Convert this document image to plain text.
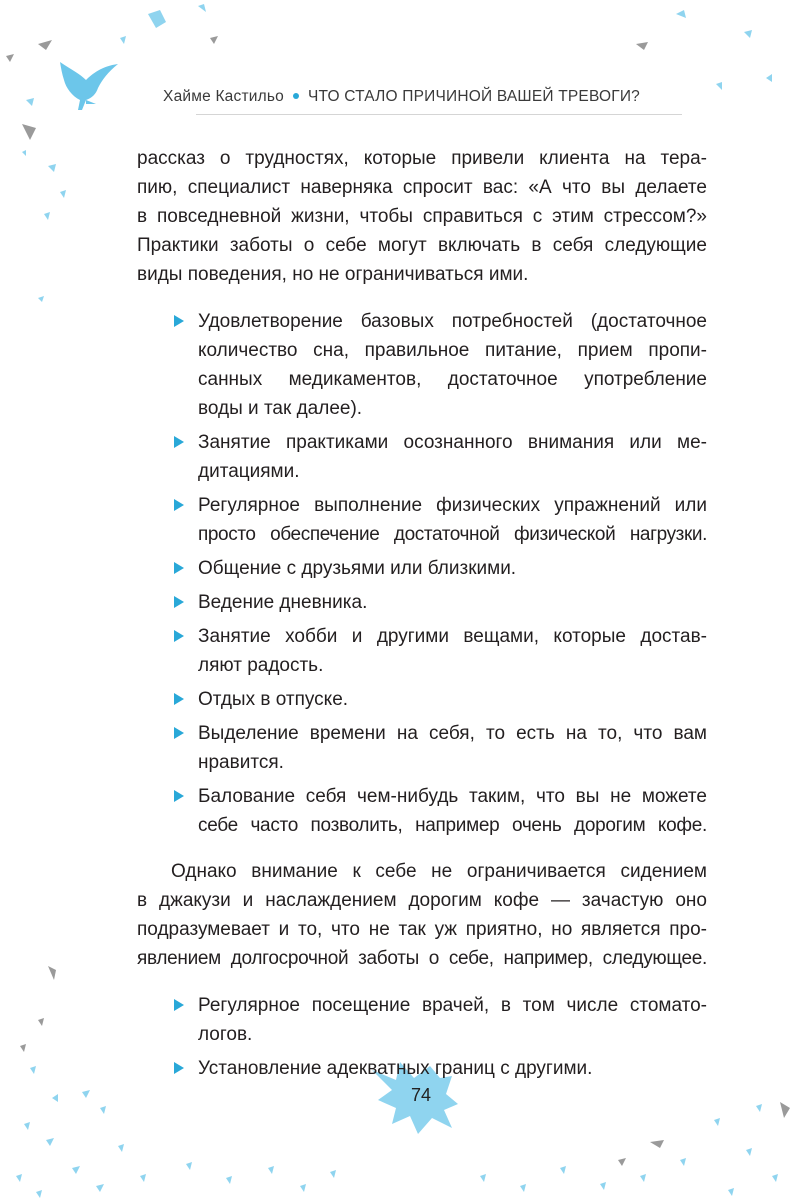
Хайме Кастильо ЧТО СТАЛО ПРИЧИНОЙ ВАШЕЙ ТРЕВОГИ?
рассказ о трудностях, которые привели клиента на тера-
пию, специалист наверняка спросит вас: «А что вы делаете
в повседневной жизни, чтобы справиться с этим стрессом?»
Практики заботы о себе могут включать в себя следующие
виды поведения, но не ограничиваться ими.
Удовлетворение базовых потребностей (достаточное
количество сна, правильное питание, прием пропи-
санных медикаментов, достаточное употребление
воды и так далее).
Занятие практиками осознанного внимания или ме-
дитациями.
Регулярное выполнение физических упражнений или
просто обеспечение достаточной физической нагрузки.
Общение с друзьями или близкими.
Ведение дневника.
Занятие хобби и другими вещами, которые достав-
ляют радость.
Отдых в отпуске.
Выделение времени на себя, то есть на то, что вам
нравится.
Балование себя чем-нибудь таким, что вы не можете
себе часто позволить, например очень дорогим кофе.
Однако внимание к себе не ограничивается сидением
в джакузи и наслаждением дорогим кофе — зачастую оно
подразумевает и то, что не так уж приятно, но является про-
явлением долгосрочной заботы о себе, например, следующее.
Регулярное посещение врачей, в том числе стомато-
логов.
Установление адекватных границ с другими.
74
